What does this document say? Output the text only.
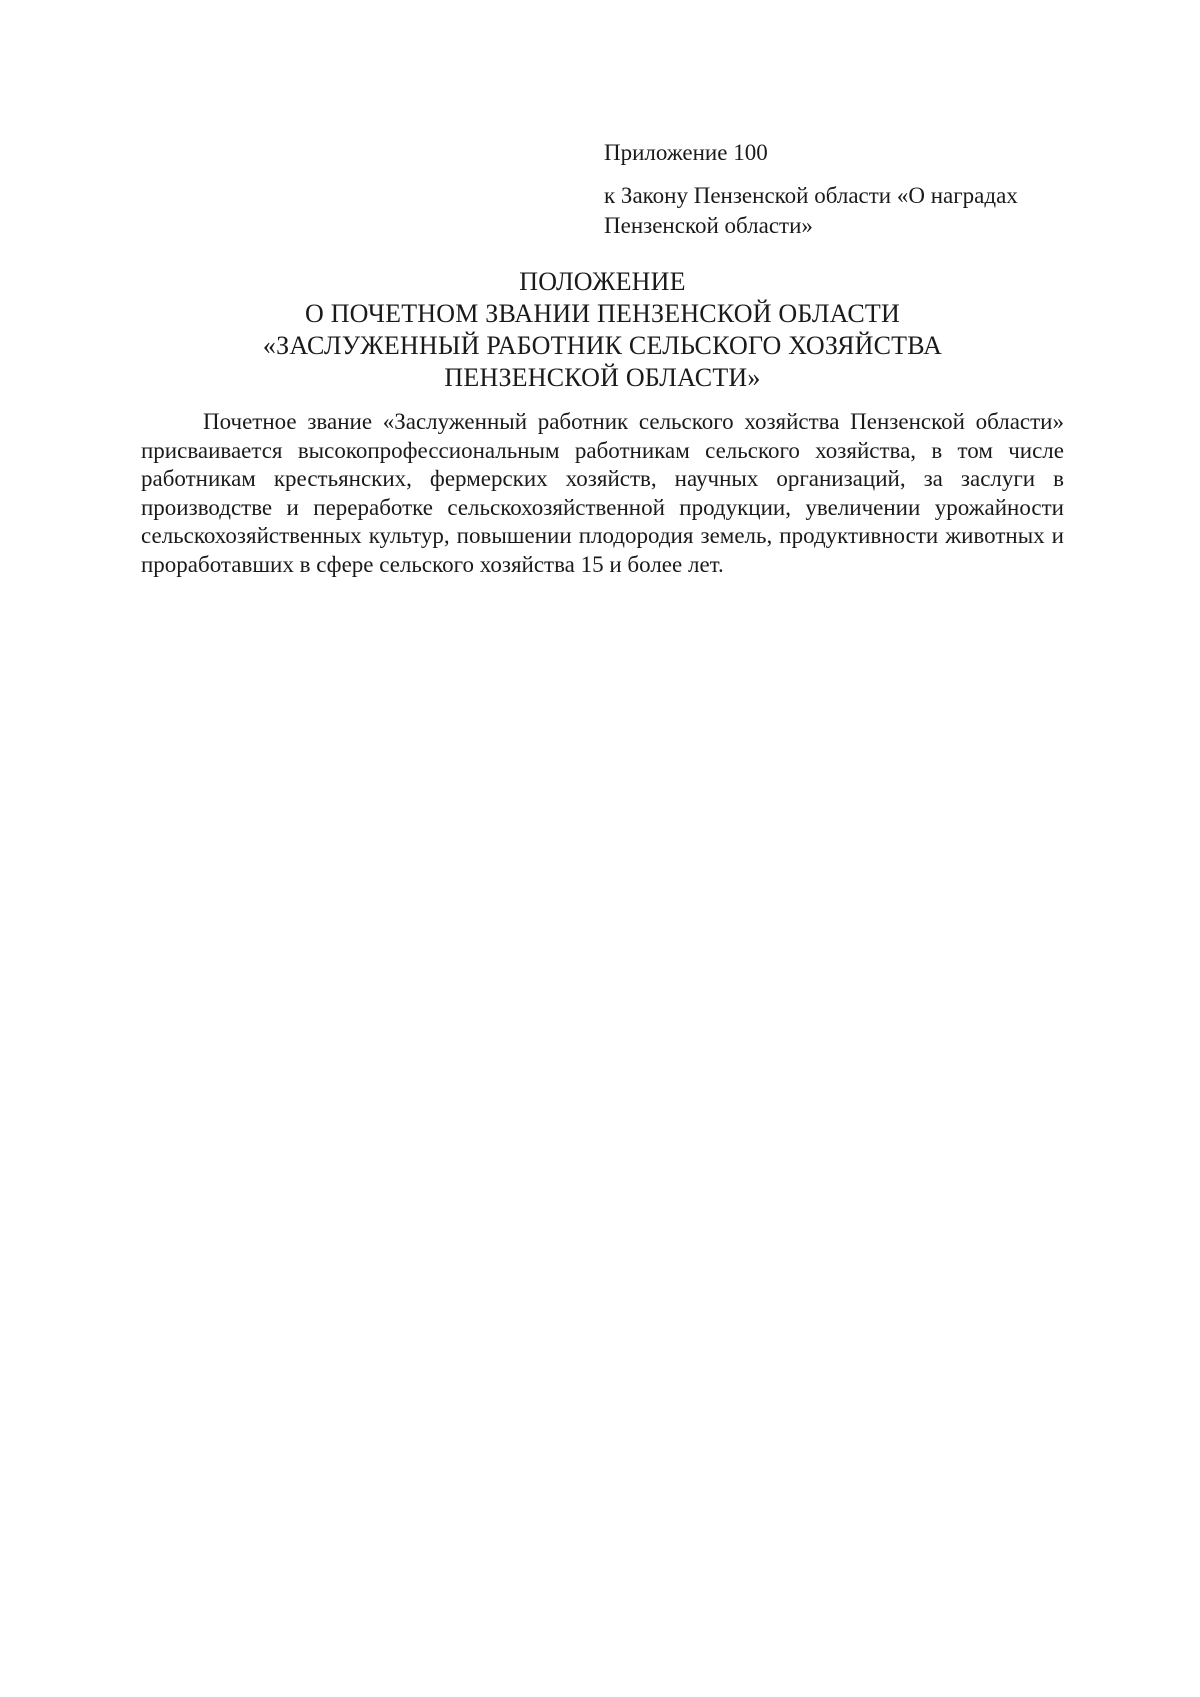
Приложение 100

к Закону Пензенской области «О наградах Пензенской области»

ПОЛОЖЕНИЕ
О ПОЧЕТНОМ ЗВАНИИ ПЕНЗЕНСКОЙ ОБЛАСТИ
«ЗАСЛУЖЕННЫЙ РАБОТНИК СЕЛЬСКОГО ХОЗЯЙСТВА
ПЕНЗЕНСКОЙ ОБЛАСТИ»

Почетное звание «Заслуженный работник сельского хозяйства Пензенской области» присваивается высокопрофессиональным работникам сельского хозяйства, в том числе работникам крестьянских, фермерских хозяйств, научных организаций, за заслуги в производстве и переработке сельскохозяйственной продукции, увеличении урожайности сельскохозяйственных культур, повышении плодородия земель, продуктивности животных и проработавших в сфере сельского хозяйства 15 и более лет.
